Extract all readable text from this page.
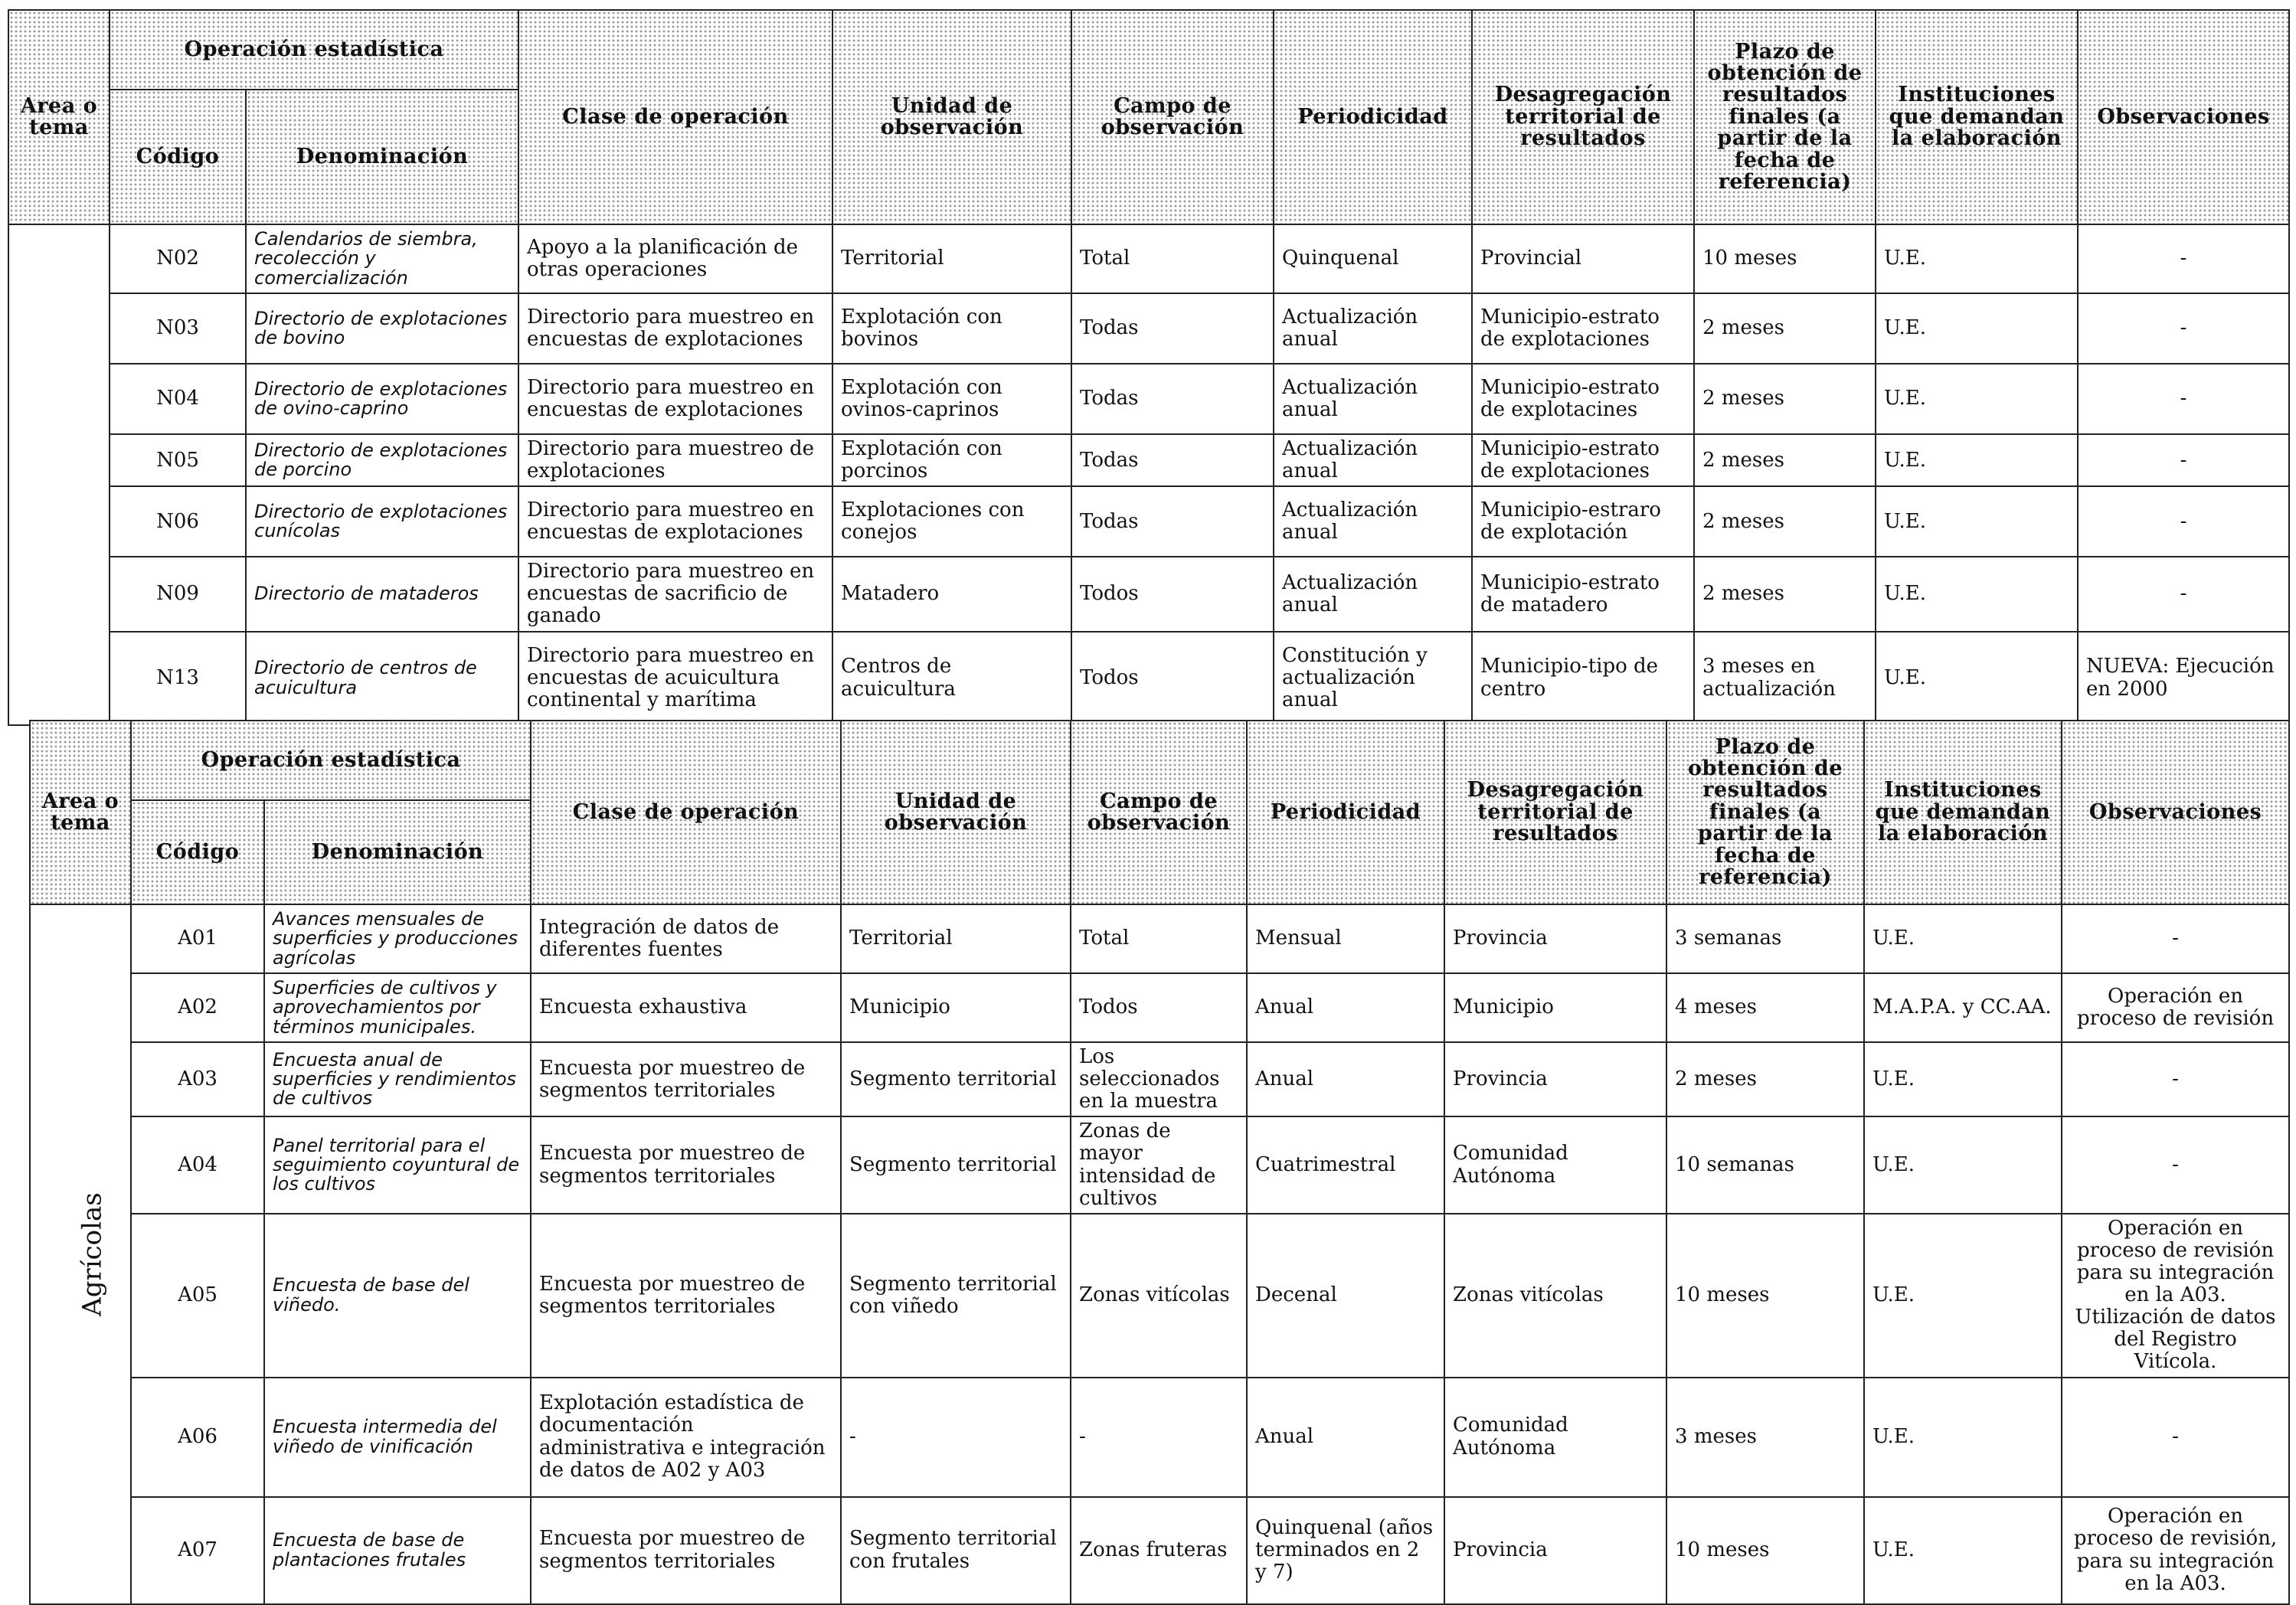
Area o tema	Operación estadística		Clase de operación	Unidad de observación	Campo de observación	Periodicidad	Desagregación territorial de resultados	Plazo de obtención de resultados finales (a partir de la fecha de referencia)	Instituciones que demandan la elaboración	Observaciones
	Código	Denominación								
	N02	Calendarios de siembra, recolección y comercialización	Apoyo a la planificación de otras operaciones	Territorial	Total	Quinquenal	Provincial	10 meses	U.E.	-
	N03	Directorio de explotaciones de bovino	Directorio para muestreo en encuestas de explotaciones	Explotación con bovinos	Todas	Actualización anual	Municipio-estrato de explotaciones	2 meses	U.E.	-
	N04	Directorio de explotaciones de ovino-caprino	Directorio para muestreo en encuestas de explotaciones	Explotación con ovinos-caprinos	Todas	Actualización anual	Municipio-estrato de explotacines	2 meses	U.E.	-
	N05	Directorio de explotaciones de porcino	Directorio para muestreo de explotaciones	Explotación con porcinos	Todas	Actualización anual	Municipio-estrato de explotaciones	2 meses	U.E.	-
	N06	Directorio de explotaciones cunícolas	Directorio para muestreo en encuestas de explotaciones	Explotaciones con conejos	Todas	Actualización anual	Municipio-estraro de explotación	2 meses	U.E.	-
	N09	Directorio de mataderos	Directorio para muestreo en encuestas de sacrificio de ganado	Matadero	Todos	Actualización anual	Municipio-estrato de matadero	2 meses	U.E.	-
	N13	Directorio de centros de acuicultura	Directorio para muestreo en encuestas de acuicultura continental y marítima	Centros de acuicultura	Todos	Constitución y actualización anual	Municipio-tipo de centro	3 meses en actualización	U.E.	NUEVA: Ejecución en 2000
Area o tema	Operación estadística		Clase de operación	Unidad de observación	Campo de observación	Periodicidad	Desagregación territorial de resultados	Plazo de obtención de resultados finales (a partir de la fecha de referencia)	Instituciones que demandan la elaboración	Observaciones
	Código	Denominación								
Agrícolas	A01	Avances mensuales de superficies y producciones agrícolas	Integración de datos de diferentes fuentes	Territorial	Total	Mensual	Provincia	3 semanas	U.E.	-
	A02	Superficies de cultivos y aprovechamientos por términos municipales.	Encuesta exhaustiva	Municipio	Todos	Anual	Municipio	4 meses	M.A.P.A. y CC.AA.	Operación en proceso de revisión
	A03	Encuesta anual de superficies y rendimientos de cultivos	Encuesta por muestreo de segmentos territoriales	Segmento territorial	Los seleccionados en la muestra	Anual	Provincia	2 meses	U.E.	-
	A04	Panel territorial para el seguimiento coyuntural de los cultivos	Encuesta por muestreo de segmentos territoriales	Segmento territorial	Zonas de mayor intensidad de cultivos	Cuatrimestral	Comunidad Autónoma	10 semanas	U.E.	-
	A05	Encuesta de base del viñedo.	Encuesta por muestreo de segmentos territoriales	Segmento territorial con viñedo	Zonas vitícolas	Decenal	Zonas vitícolas	10 meses	U.E.	Operación en proceso de revisión para su integración en la A03. Utilización de datos del Registro Vitícola.
	A06	Encuesta intermedia del viñedo de vinificación	Explotación estadística de documentación administrativa e integración de datos de A02 y A03	-	-	Anual	Comunidad Autónoma	3 meses	U.E.	-
	A07	Encuesta de base de plantaciones frutales	Encuesta por muestreo de segmentos territoriales	Segmento territorial con frutales	Zonas fruteras	Quinquenal (años terminados en 2 y 7)	Provincia	10 meses	U.E.	Operación en proceso de revisión, para su integración en la A03.
